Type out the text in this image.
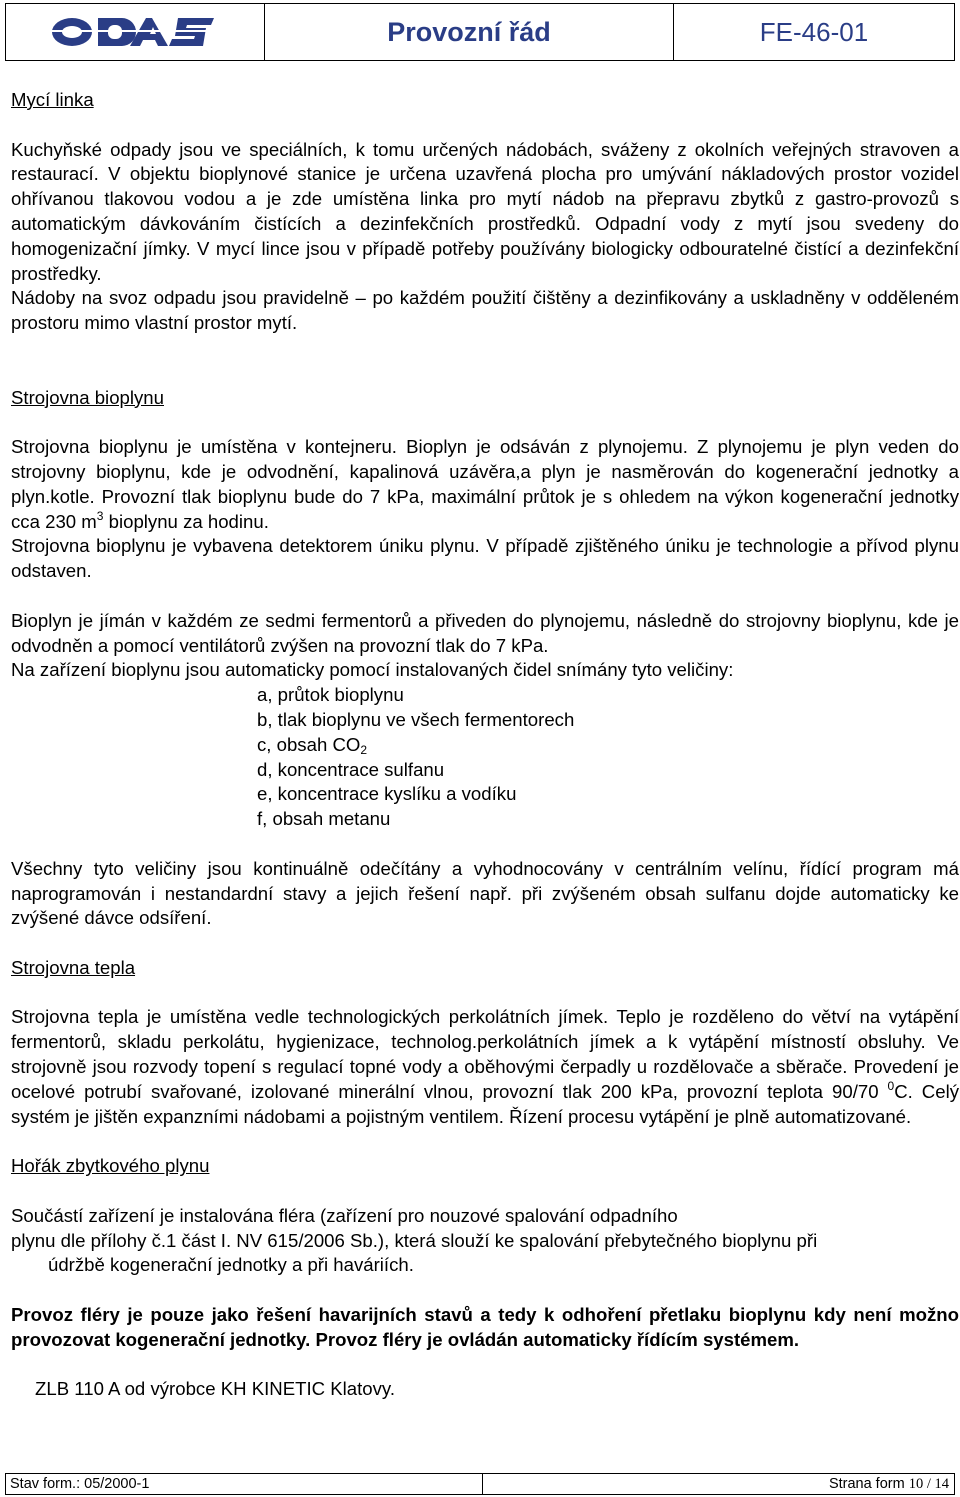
Provozní řád	FE-46-01

Mycí linka

Kuchyňské odpady jsou ve speciálních, k tomu určených nádobách, sváženy z okolních veřejných stravoven a restaurací. V objektu bioplynové stanice je určena uzavřená plocha pro umývání nákladových prostor vozidel ohřívanou tlakovou vodou a je zde umístěna linka pro mytí nádob na přepravu zbytků z gastro-provozů s automatickým dávkováním čistících a dezinfekčních prostředků. Odpadní vody z mytí jsou svedeny do homogenizační jímky. V mycí lince jsou v případě potřeby používány biologicky odbouratelné čistící a dezinfekční prostředky.

Nádoby na svoz odpadu jsou pravidelně – po každém použití čištěny a dezinfikovány a uskladněny v odděleném prostoru mimo vlastní prostor mytí.

Strojovna bioplynu

Strojovna bioplynu je umístěna v kontejneru. Bioplyn je odsáván z plynojemu. Z plynojemu je plyn veden do strojovny bioplynu, kde je odvodnění, kapalinová uzávěra,a plyn je nasměrován do kogenerační jednotky a plyn.kotle. Provozní tlak bioplynu bude do 7 kPa, maximální průtok je s ohledem na výkon kogenerační jednotky cca 230 $m^3$ bioplynu za hodinu.

Strojovna bioplynu je vybavena detektorem úniku plynu. V případě zjištěného úniku je technologie a přívod plynu odstaven.

Bioplyn je jímán v každém ze sedmi fermentorů a přiveden do plynojemu, následně do strojovny bioplynu, kde je odvodněn a pomocí ventilátorů zvýšen na provozní tlak do 7 kPa.

Na zařízení bioplynu jsou automaticky pomocí instalovaných čidel snímány tyto veličiny:

a, průtok bioplynu
b, tlak bioplynu ve všech fermentorech
c, obsah $CO_2$
d, koncentrace sulfanu
e, koncentrace kyslíku a vodíku
f, obsah metanu

Všechny tyto veličiny jsou kontinuálně odečítány a vyhodnocovány v centrálním velínu, řídící program má naprogramován i nestandardní stavy a jejich řešení např. při zvýšeném obsah sulfanu dojde automaticky ke zvýšené dávce odsíření.

Strojovna tepla

Strojovna tepla je umístěna vedle technologických perkolátních jímek. Teplo je rozděleno do větví na vytápění fermentorů, skladu perkolátu, hygienizace, technolog.perkolátních jímek a k vytápění místností obsluhy. Ve strojovně jsou rozvody topení s regulací topné vody a oběhovými čerpadly u rozdělovače a sběrače. Provedení je ocelové potrubí svařované, izolované minerální vlnou, provozní tlak 200 kPa, provozní teplota 90/70 $^0$C. Celý systém je jištěn expanzními nádobami a pojistným ventilem. Řízení procesu vytápění je plně automatizované.

Hořák zbytkového plynu

Součástí zařízení je instalována fléra (zařízení pro nouzové spalování odpadního

plynu dle přílohy č.1 část I. NV 615/2006 Sb.), která slouží ke spalování přebytečného bioplynu při

údržbě kogenerační jednotky a při haváriích.

Provoz fléry je pouze jako řešení havarijních stavů a tedy k odhoření přetlaku bioplynu kdy není možno provozovat kogenerační jednotky. Provoz fléry je ovládán automaticky řídícím systémem.

ZLB 110 A od výrobce KH KINETIC Klatovy.

Stav form.: 05/2000-1	Strana form 10 / 14
